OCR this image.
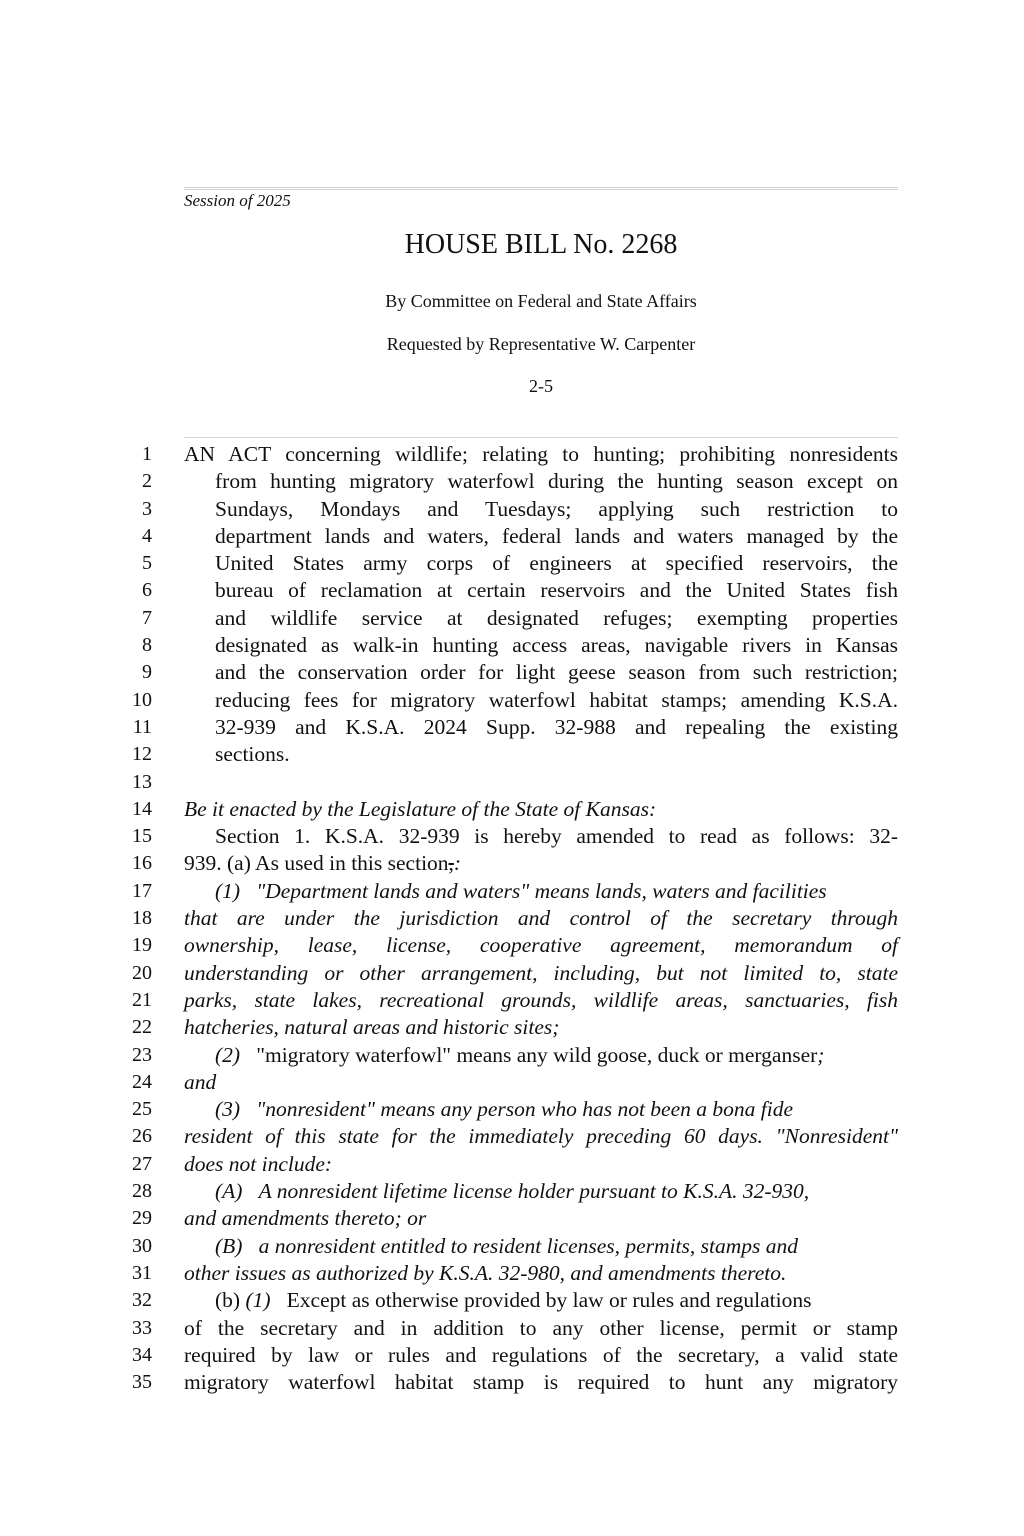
Session of 2025
HOUSE BILL No. 2268
By Committee on Federal and State Affairs
Requested by Representative W. Carpenter
2-5
1
2
3
4
5
6
7
8
9
10
11
12
13
14
15
16
17
18
19
20
21
22
23
24
25
26
27
28
29
30
31
32
33
34
35
AN ACT concerning wildlife; relating to hunting; prohibiting nonresidents
from hunting migratory waterfowl during the hunting season except on
Sundays, Mondays and Tuesdays; applying such restriction to
department lands and waters, federal lands and waters managed by the
United States army corps of engineers at specified reservoirs, the
bureau of reclamation at certain reservoirs and the United States fish
and wildlife service at designated refuges; exempting properties
designated as walk-in hunting access areas, navigable rivers in Kansas
and the conservation order for light geese season from such restriction;
reducing fees for migratory waterfowl habitat stamps; amending K.S.A.
32-939 and K.S.A. 2024 Supp. 32-988 and repealing the existing
sections.
Be it enacted by the Legislature of the State of Kansas:
Section 1. K.S.A. 32-939 is hereby amended to read as follows: 32-
939. (a) As used in this section,:
(1) "Department lands and waters" means lands, waters and facilities
that are under the jurisdiction and control of the secretary through
ownership, lease, license, cooperative agreement, memorandum of
understanding or other arrangement, including, but not limited to, state
parks, state lakes, recreational grounds, wildlife areas, sanctuaries, fish
hatcheries, natural areas and historic sites;
(2) "migratory waterfowl" means any wild goose, duck or merganser;
and
(3) "nonresident" means any person who has not been a bona fide
resident of this state for the immediately preceding 60 days. "Nonresident"
does not include:
(A) A nonresident lifetime license holder pursuant to K.S.A. 32-930,
and amendments thereto; or
(B) a nonresident entitled to resident licenses, permits, stamps and
other issues as authorized by K.S.A. 32-980, and amendments thereto.
(b) (1) Except as otherwise provided by law or rules and regulations
of the secretary and in addition to any other license, permit or stamp
required by law or rules and regulations of the secretary, a valid state
migratory waterfowl habitat stamp is required to hunt any migratory
